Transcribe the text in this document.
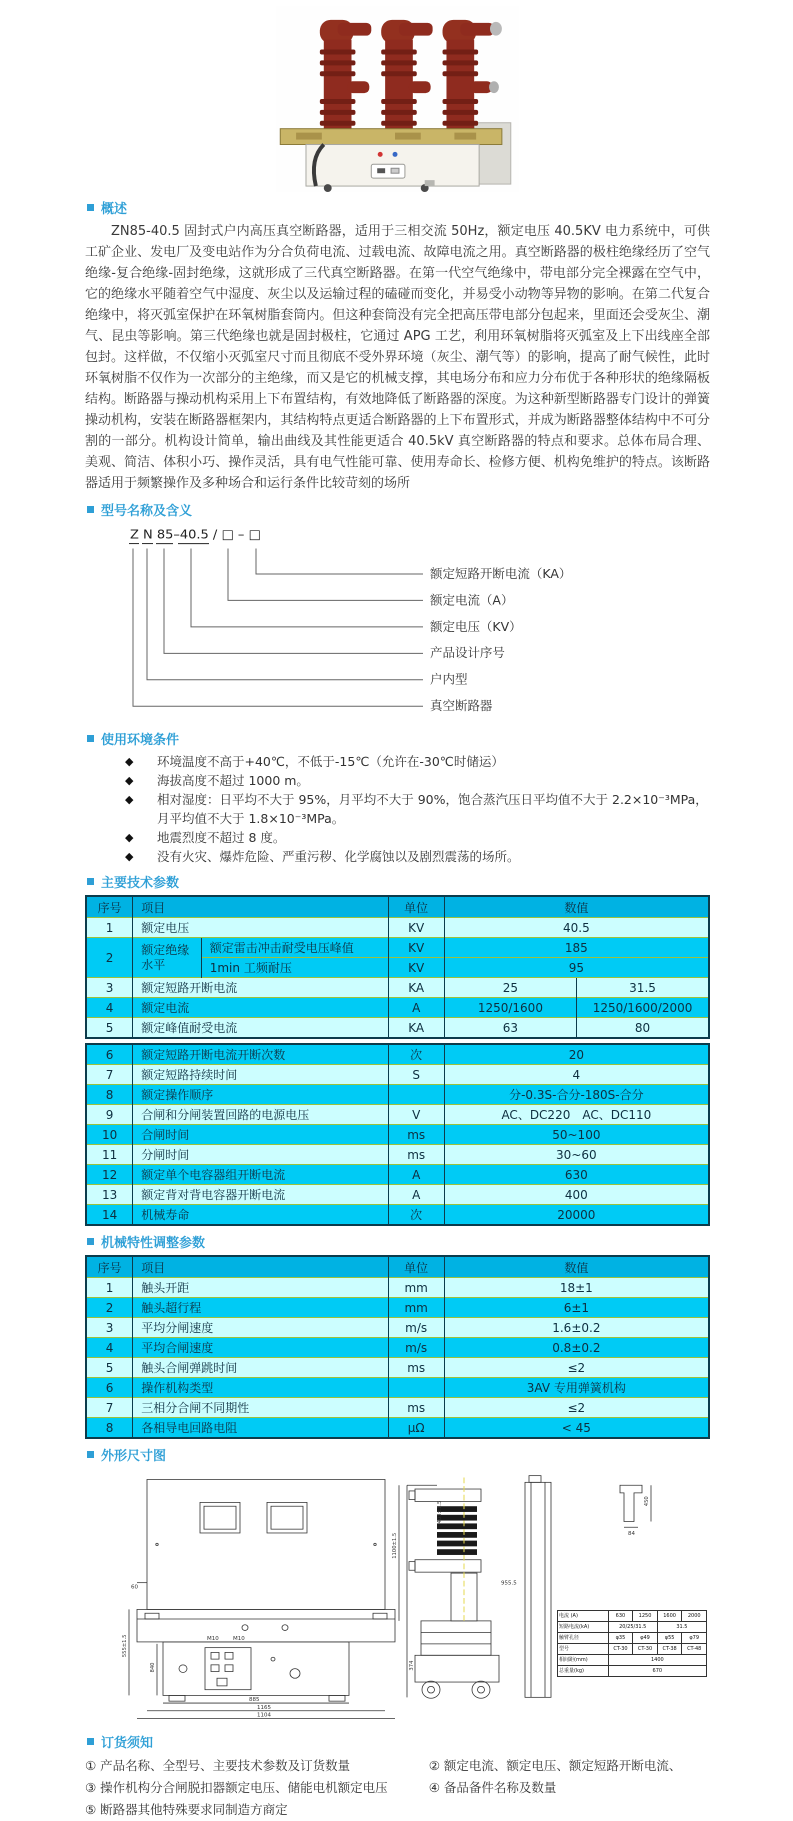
概述

ZN85-40.5 固封式户内高压真空断路器，适用于三相交流 50Hz，额定电压 40.5KV 电力系统中，可供工矿企业、发电厂及变电站作为分合负荷电流、过载电流、故障电流之用。真空断路器的极柱绝缘经历了空气绝缘-复合绝缘-固封绝缘，这就形成了三代真空断路器。在第一代空气绝缘中，带电部分完全裸露在空气中，它的绝缘水平随着空气中湿度、灰尘以及运输过程的磕碰而变化，并易受小动物等异物的影响。在第二代复合绝缘中，将灭弧室保护在环氧树脂套筒内。但这种套筒没有完全把高压带电部分包起来，里面还会受灰尘、潮气、昆虫等影响。第三代绝缘也就是固封极柱，它通过 APG 工艺，利用环氧树脂将灭弧室及上下出线座全部包封。这样做，不仅缩小灭弧室尺寸而且彻底不受外界环境（灰尘、潮气等）的影响，提高了耐气候性，此时环氧树脂不仅作为一次部分的主绝缘，而又是它的机械支撑，其电场分布和应力分布优于各种形状的绝缘隔板结构。断路器与操动机构采用上下布置结构，有效地降低了断路器的深度。为这种新型断路器专门设计的弹簧操动机构，安装在断路器框架内，其结构特点更适合断路器的上下布置形式，并成为断路器整体结构中不可分割的一部分。机构设计简单，输出曲线及其性能更适合 40.5kV 真空断路器的特点和要求。总体布局合理、美观、简洁、体积小巧、操作灵活，具有电气性能可靠、使用寿命长、检修方便、机构免维护的特点。该断路器适用于频繁操作及多种场合和运行条件比较苛刻的场所

型号名称及含义
Z N 85–40.5 / □ – □
额定短路开断电流（KA）
额定电流（A）
额定电压（KV）
产品设计序号
户内型
真空断路器
使用环境条件
◆	环境温度不高于+40℃，不低于-15℃（允许在-30℃时储运）
◆	海拔高度不超过 1000 m。
◆	相对湿度：日平均不大于 95%，月平均不大于 90%，饱合蒸汽压日平均值不大于 2.2×10⁻³MPa，月平均值不大于 1.8×10⁻³MPa。
◆	地震烈度不超过 8 度。
◆	没有火灾、爆炸危险、严重污秽、化学腐蚀以及剧烈震荡的场所。
主要技术参数
序号	项目		单位	数值	
1	额定电压		KV	40.5	
2	额定绝缘水平	额定雷击冲击耐受电压峰值	KV	185	
		1min 工频耐压	KV	95	
3	额定短路开断电流		KA	25	31.5
4	额定电流		A	1250/1600	1250/1600/2000
5	额定峰值耐受电流		KA	63	80
6	额定短路开断电流开断次数	次	20
7	额定短路持续时间	S	4
8	额定操作顺序		分-0.3S-合分-180S-合分
9	合闸和分闸装置回路的电源电压	V	AC、DC220　AC、DC110
10	合闸时间	ms	50~100
11	分闸时间	ms	30~60
12	额定单个电容器组开断电流	A	630
13	额定背对背电容器开断电流	A	400
14	机械寿命	次	20000
机械特性调整参数
序号	项目	单位	数值
1	触头开距	mm	18±1
2	触头超行程	mm	6±1
3	平均分闸速度	m/s	1.6±0.2
4	平均合闸速度	m/s	0.8±0.2
5	触头合闸弹跳时间	ms	≤2
6	操作机构类型		3AV 专用弹簧机构
7	三相分合闸不同期性	ms	≤2
8	各相导电回路电阻	μΩ	< 45
外形尺寸图
60
840
555±1.5	M10	M10
885
1165
1104
403±1.5
1100±1.5
955.5
374
450
84
电流 (A)	630	1250	1600	2000
短路电流(kA)	20/25/31.5		31.5	
触臂孔径	φ35	φ49	φ55	φ79
型号	CT-30	CT-30	CT-38	CT-48
相间距(mm)	1400			
总重量(kg)	670			
订货须知
① 产品名称、全型号、主要技术参数及订货数量	② 额定电流、额定电压、额定短路开断电流、
③ 操作机构分合闸脱扣器额定电压、储能电机额定电压	④ 备品备件名称及数量
⑤ 断路器其他特殊要求同制造方商定
